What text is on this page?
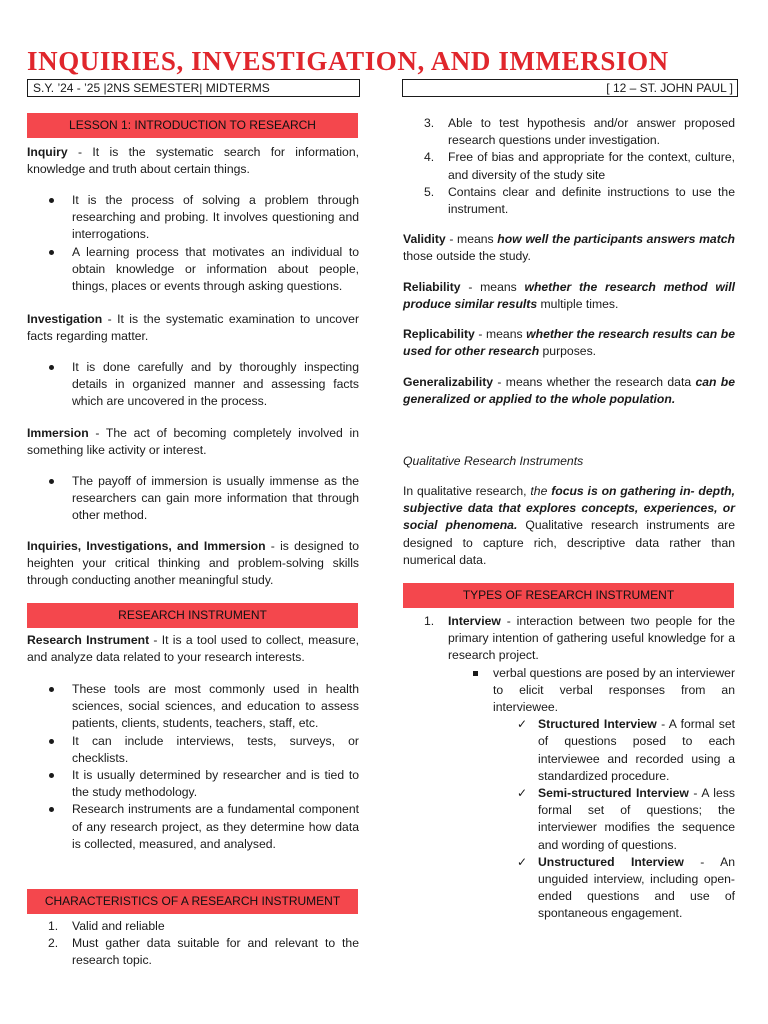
INQUIRIES, INVESTIGATION, AND IMMERSION
S.Y. ’24 - ’25 |2NS SEMESTER| MIDTERMS	[ 12 – ST. JOHN PAUL ]
LESSON 1: INTRODUCTION TO RESEARCH

Inquiry - It is the systematic search for information, knowledge and truth about certain things.

It is the process of solving a problem through researching and probing. It involves questioning and interrogations.
A learning process that motivates an individual to obtain knowledge or information about people, things, places or events through asking questions.

Investigation - It is the systematic examination to uncover facts regarding matter.

It is done carefully and by thoroughly inspecting details in organized manner and assessing facts which are uncovered in the process.

Immersion - The act of becoming completely involved in something like activity or interest.

The payoff of immersion is usually immense as the researchers can gain more information that through other method.

Inquiries, Investigations, and Immersion - is designed to heighten your critical thinking and problem-solving skills through conducting another meaningful study.

RESEARCH INSTRUMENT

Research Instrument - It is a tool used to collect, measure, and analyze data related to your research interests.

These tools are most commonly used in health sciences, social sciences, and education to assess patients, clients, students, teachers, staff, etc.
It can include interviews, tests, surveys, or checklists.
It is usually determined by researcher and is tied to the study methodology.
Research instruments are a fundamental component of any research project, as they determine how data is collected, measured, and analysed.
CHARACTERISTICS OF A RESEARCH INSTRUMENT
1. Valid and reliable
2. Must gather data suitable for and relevant to the research topic.
3. Able to test hypothesis and/or answer proposed research questions under investigation.
4. Free of bias and appropriate for the context, culture, and diversity of the study site
5. Contains clear and definite instructions to use the instrument.

Validity - means how well the participants answers match those outside the study.

Reliability - means whether the research method will produce similar results multiple times.

Replicability - means whether the research results can be used for other research purposes.

Generalizability - means whether the research data can be generalized or applied to the whole population.

Qualitative Research Instruments

In qualitative research, the focus is on gathering in- depth, subjective data that explores concepts, experiences, or social phenomena. Qualitative research instruments are designed to capture rich, descriptive data rather than numerical data.

TYPES OF RESEARCH INSTRUMENT
1. Interview - interaction between two people for the primary intention of gathering useful knowledge for a research project.
verbal questions are posed by an interviewer to elicit verbal responses from an interviewee.
✓ Structured Interview - A formal set of questions posed to each interviewee and recorded using a standardized procedure.
✓ Semi-structured Interview - A less formal set of questions; the interviewer modifies the sequence and wording of questions.
✓ Unstructured Interview - An unguided interview, including open-ended questions and use of spontaneous engagement.
